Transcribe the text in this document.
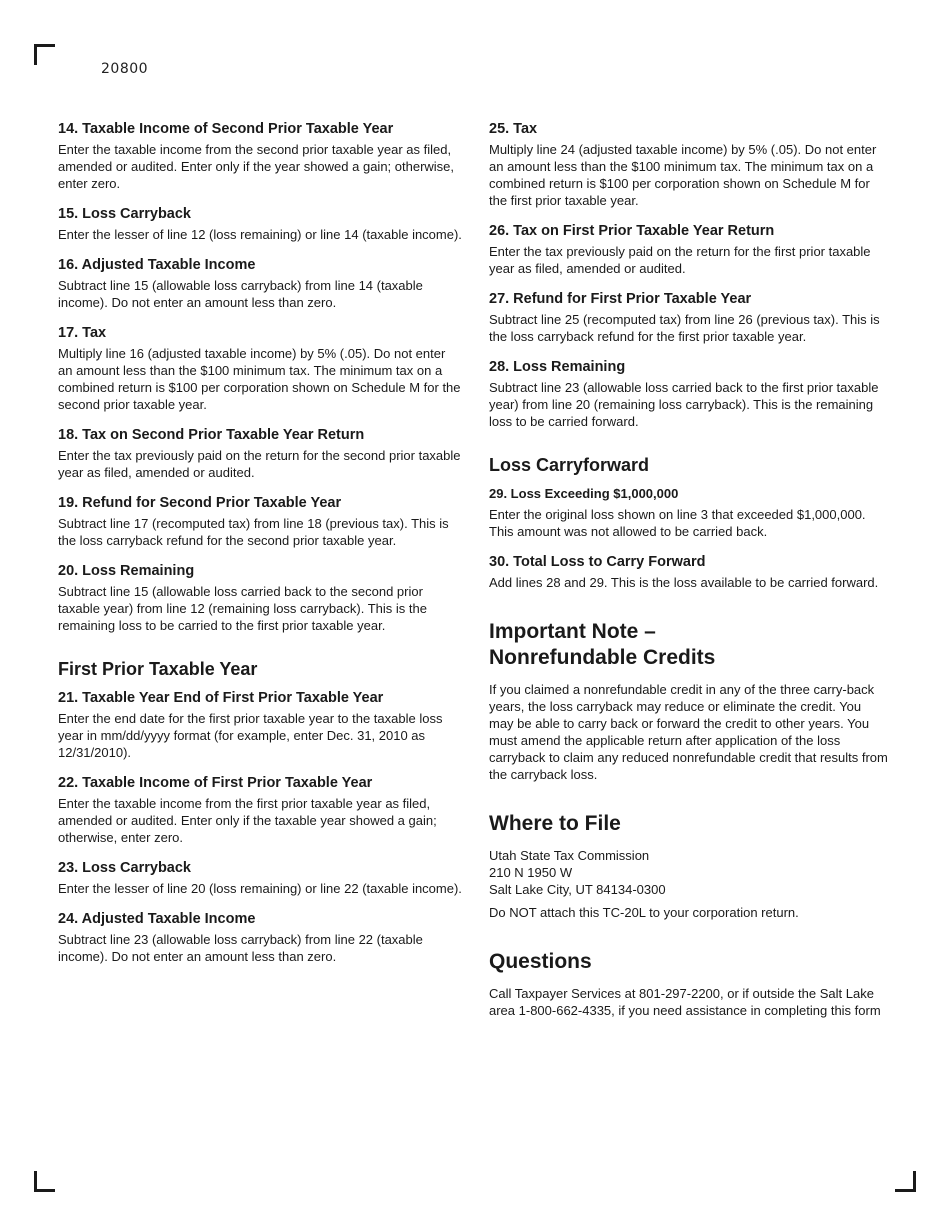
20800
14. Taxable Income of Second Prior Taxable Year

Enter the taxable income from the second prior taxable year as filed, amended or audited. Enter only if the year showed a gain; otherwise, enter zero.

15. Loss Carryback

Enter the lesser of line 12 (loss remaining) or line 14 (taxable income).

16. Adjusted Taxable Income

Subtract line 15 (allowable loss carryback) from line 14 (taxable income). Do not enter an amount less than zero.

17. Tax

Multiply line 16 (adjusted taxable income) by 5% (.05). Do not enter an amount less than the $100 minimum tax. The minimum tax on a combined return is $100 per corporation shown on Schedule M for the second prior taxable year.

18. Tax on Second Prior Taxable Year Return

Enter the tax previously paid on the return for the second prior taxable year as filed, amended or audited.

19. Refund for Second Prior Taxable Year

Subtract line 17 (recomputed tax) from line 18 (previous tax). This is the loss carryback refund for the second prior taxable year.

20. Loss Remaining

Subtract line 15 (allowable loss carried back to the second prior taxable year) from line 12 (remaining loss carryback). This is the remaining loss to be carried to the first prior taxable year.

First Prior Taxable Year
21. Taxable Year End of First Prior Taxable Year

Enter the end date for the first prior taxable year to the taxable loss year in mm/dd/yyyy format (for example, enter Dec. 31, 2010 as 12/31/2010).

22. Taxable Income of First Prior Taxable Year

Enter the taxable income from the first prior taxable year as filed, amended or audited. Enter only if the taxable year showed a gain; otherwise, enter zero.

23. Loss Carryback

Enter the lesser of line 20 (loss remaining) or line 22 (taxable income).

24. Adjusted Taxable Income

Subtract line 23 (allowable loss carryback) from line 22 (taxable income). Do not enter an amount less than zero.

25. Tax

Multiply line 24 (adjusted taxable income) by 5% (.05). Do not enter an amount less than the $100 minimum tax. The minimum tax on a combined return is $100 per corporation shown on Schedule M for the first prior taxable year.

26. Tax on First Prior Taxable Year Return

Enter the tax previously paid on the return for the first prior taxable year as filed, amended or audited.

27. Refund for First Prior Taxable Year

Subtract line 25 (recomputed tax) from line 26 (previous tax). This is the loss carryback refund for the first prior taxable year.

28. Loss Remaining

Subtract line 23 (allowable loss carried back to the first prior taxable year) from line 20 (remaining loss carryback). This is the remaining loss to be carried forward.

Loss Carryforward
29. Loss Exceeding $1,000,000

Enter the original loss shown on line 3 that exceeded $1,000,000. This amount was not allowed to be carried back.

30. Total Loss to Carry Forward

Add lines 28 and 29. This is the loss available to be carried forward.

Important Note –
Nonrefundable Credits

If you claimed a nonrefundable credit in any of the three carry-back years, the loss carryback may reduce or eliminate the credit. You may be able to carry back or forward the credit to other years. You must amend the applicable return after application of the loss carryback to claim any reduced nonrefundable credit that results from the carryback loss.

Where to File

Utah State Tax Commission

210 N 1950 W

Salt Lake City, UT 84134-0300

Do NOT attach this TC-20L to your corporation return.

Questions

Call Taxpayer Services at 801-297-2200, or if outside the Salt Lake area 1-800-662-4335, if you need assistance in completing this form
